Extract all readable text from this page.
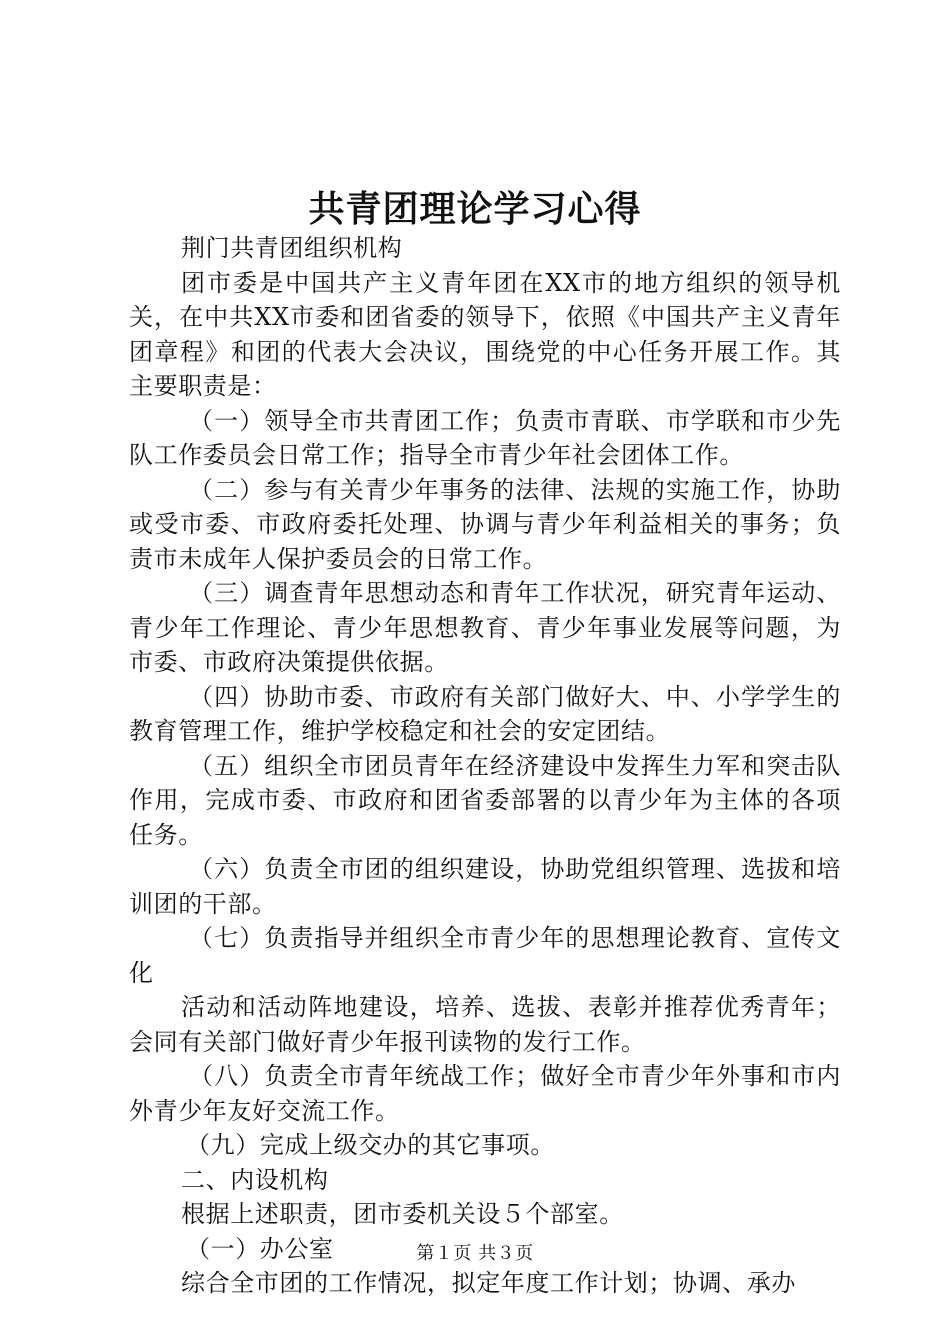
共青团理论学习心得

荆门共青团组织机构

团市委是中国共产主义青年团在XX市的地方组织的领导机关，在中共XX市委和团省委的领导下，依照《中国共产主义青年团章程》和团的代表大会决议，围绕党的中心任务开展工作。其主要职责是：

（一）领导全市共青团工作；负责市青联、市学联和市少先队工作委员会日常工作；指导全市青少年社会团体工作。

（二）参与有关青少年事务的法律、法规的实施工作，协助或受市委、市政府委托处理、协调与青少年利益相关的事务；负责市未成年人保护委员会的日常工作。

（三）调查青年思想动态和青年工作状况，研究青年运动、青少年工作理论、青少年思想教育、青少年事业发展等问题，为市委、市政府决策提供依据。

（四）协助市委、市政府有关部门做好大、中、小学学生的教育管理工作，维护学校稳定和社会的安定团结。

（五）组织全市团员青年在经济建设中发挥生力军和突击队作用，完成市委、市政府和团省委部署的以青少年为主体的各项任务。

（六）负责全市团的组织建设，协助党组织管理、选拔和培训团的干部。

（七）负责指导并组织全市青少年的思想理论教育、宣传文化

活动和活动阵地建设，培养、选拔、表彰并推荐优秀青年；会同有关部门做好青少年报刊读物的发行工作。

（八）负责全市青年统战工作；做好全市青少年外事和市内外青少年友好交流工作。

（九）完成上级交办的其它事项。

二、内设机构

根据上述职责，团市委机关设５个部室。

（一）办公室

综合全市团的工作情况，拟定年度工作计划；协调、承办

第１页 共３页
